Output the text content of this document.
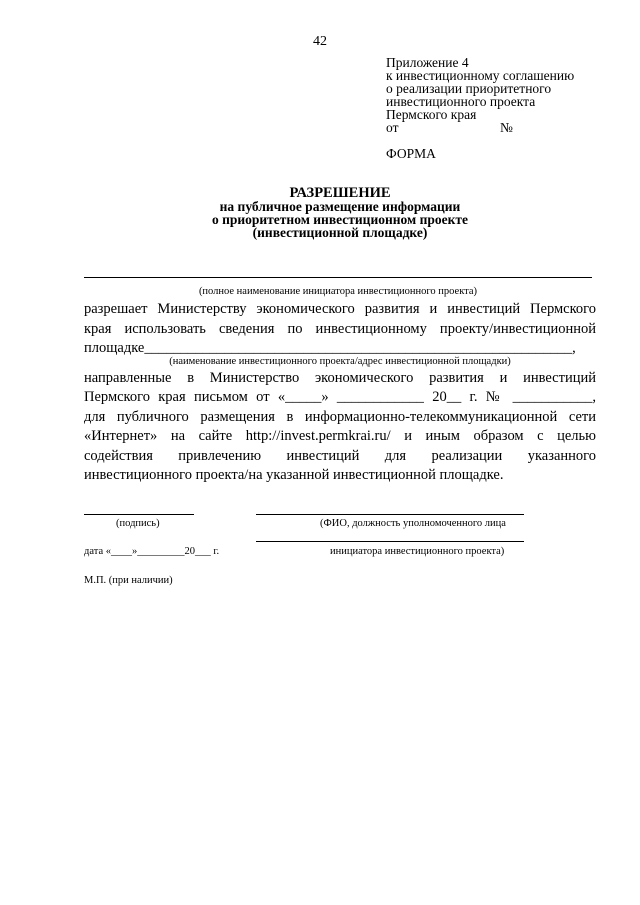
42
Приложение 4
к инвестиционному соглашению
о реализации приоритетного
инвестиционного проекта
Пермского края
от	№
ФОРМА
РАЗРЕШЕНИЕ
на публичное размещение информации
о приоритетном инвестиционном проекте
(инвестиционной площадке)
(полное наименование инициатора инвестиционного проекта)
разрешает Министерству экономического развития и инвестиций Пермского
края использовать сведения по инвестиционному проекту/инвестиционной
площадке___________________________________________________________,
(наименование инвестиционного проекта/адрес инвестиционной площадки)
направленные в Министерство экономического развития и инвестиций
Пермского края письмом от «_____» ____________ 20__ г. № ___________,
для публичного размещения в информационно-телекоммуникационной сети
«Интернет» на сайте http://invest.permkrai.ru/ и иным образом с целью
содействия привлечению инвестиций для реализации указанного
инвестиционного проекта/на указанной инвестиционной площадке.
(подпись)	(ФИО, должность уполномоченного лица
дата «____»_________20___ г.	инициатора инвестиционного проекта)
М.П. (при наличии)
